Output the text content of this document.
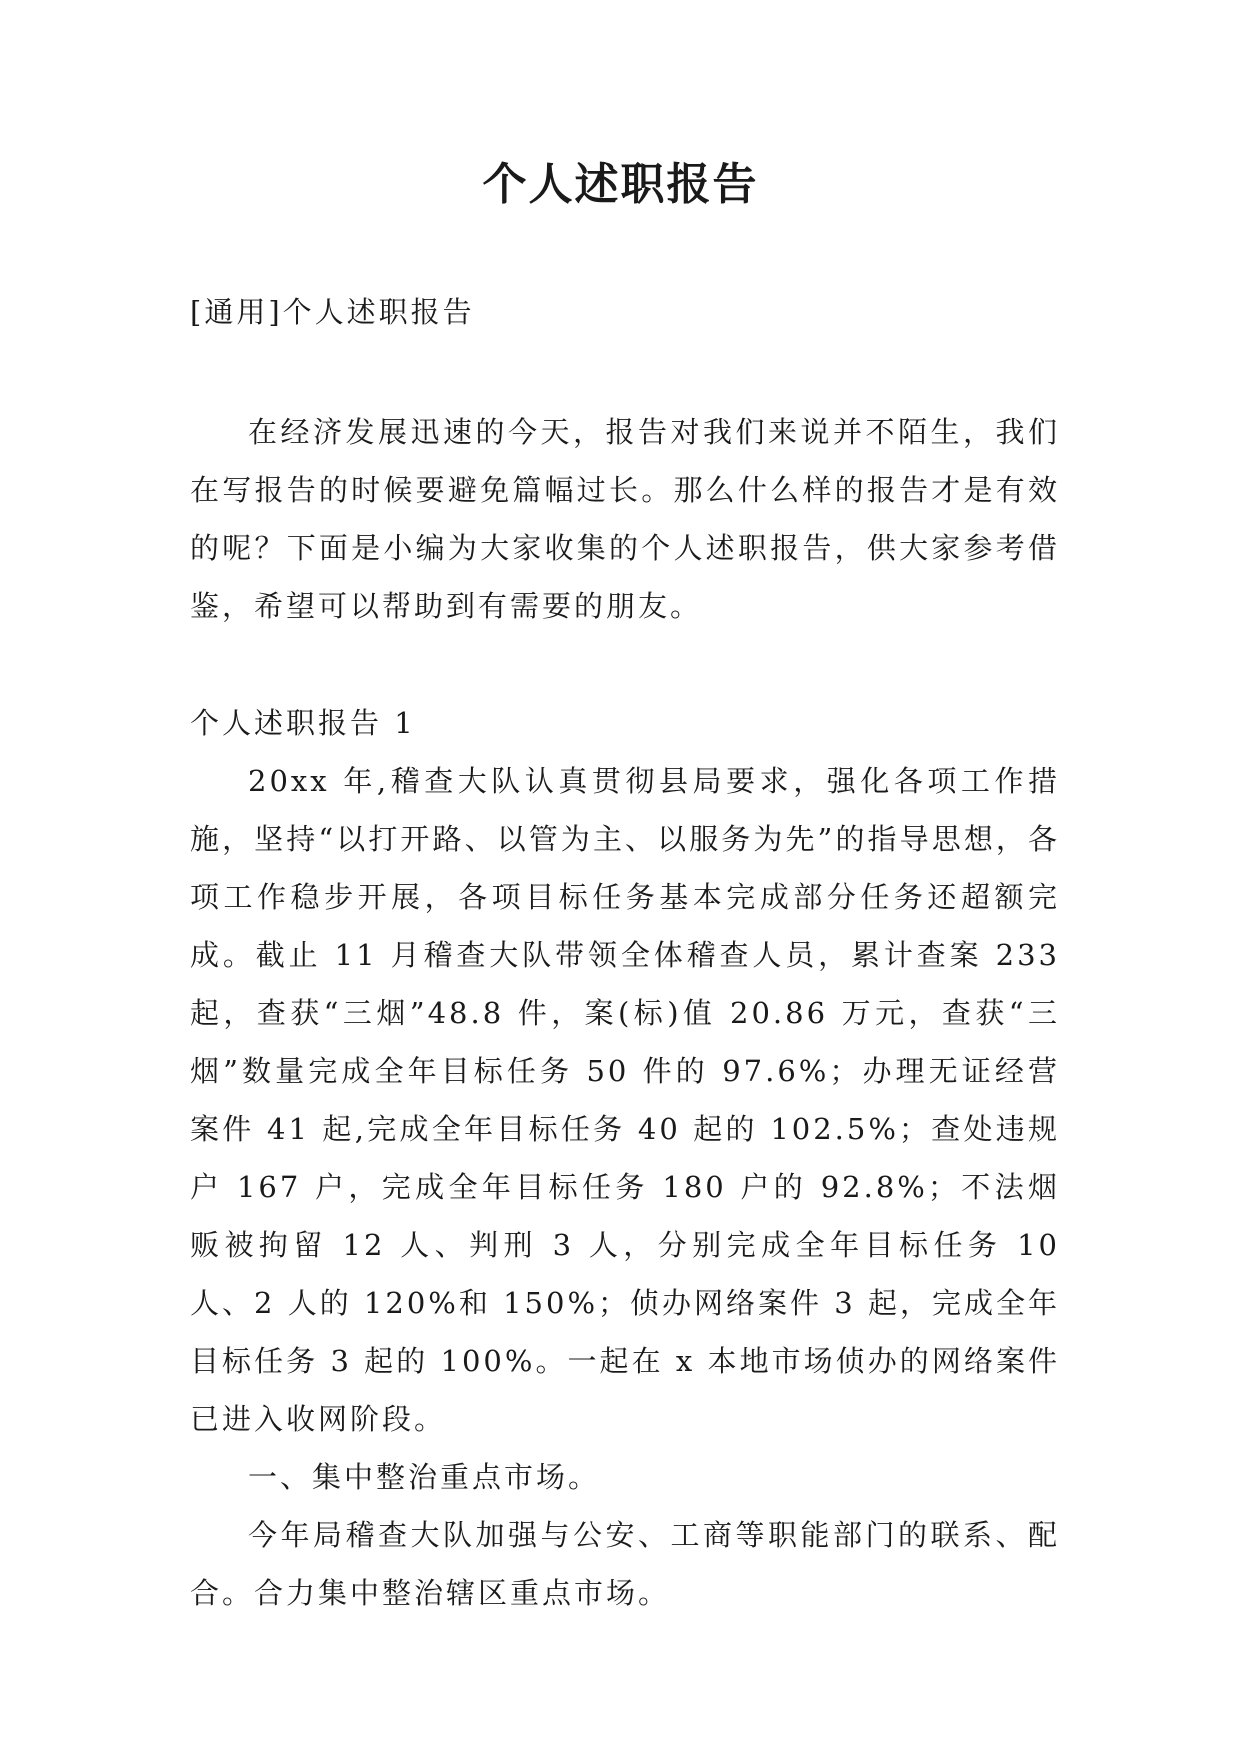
个人述职报告
[通用]个人述职报告

在经济发展迅速的今天，报告对我们来说并不陌生，我们在写报告的时候要避免篇幅过长。那么什么样的报告才是有效的呢？下面是小编为大家收集的个人述职报告，供大家参考借鉴，希望可以帮助到有需要的朋友。

个人述职报告 1

20xx 年,稽查大队认真贯彻县局要求，强化各项工作措施，坚持“以打开路、以管为主、以服务为先”的指导思想，各项工作稳步开展，各项目标任务基本完成部分任务还超额完成。截止 11 月稽查大队带领全体稽查人员，累计查案 233 起，查获“三烟”48.8 件，案(标)值 20.86 万元，查获“三烟”数量完成全年目标任务 50 件的 97.6%；办理无证经营案件 41 起,完成全年目标任务 40 起的 102.5%；查处违规户 167 户，完成全年目标任务 180 户的 92.8%；不法烟贩被拘留 12 人、判刑 3 人，分别完成全年目标任务 10 人、2 人的 120%和 150%；侦办网络案件 3 起，完成全年目标任务 3 起的 100%。一起在 x 本地市场侦办的网络案件已进入收网阶段。

一、集中整治重点市场。

今年局稽查大队加强与公安、工商等职能部门的联系、配合。合力集中整治辖区重点市场。
